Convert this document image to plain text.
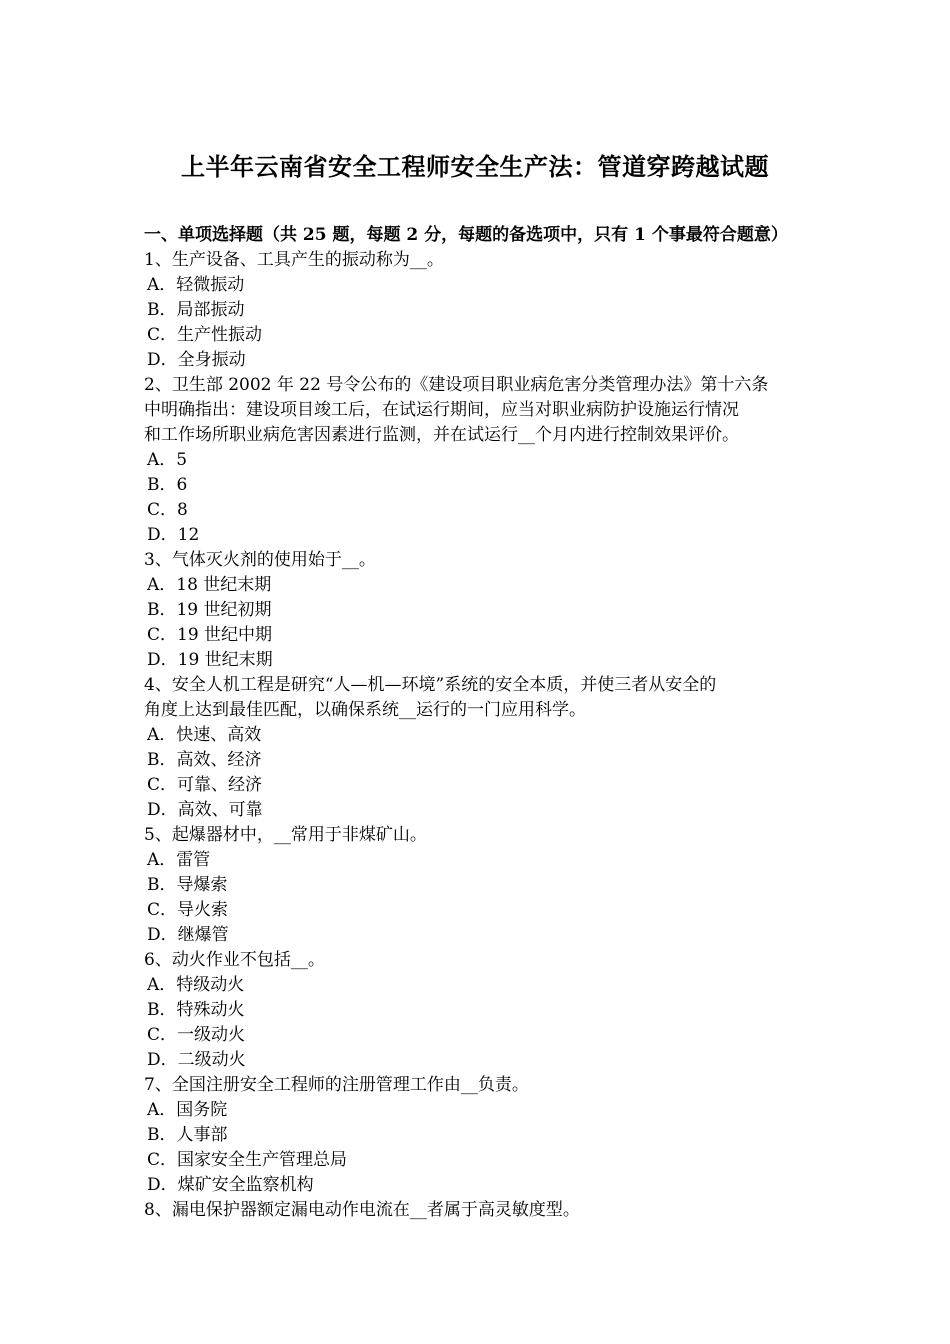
上半年云南省安全工程师安全生产法：管道穿跨越试题
一、单项选择题（共 25 题，每题 2 分，每题的备选项中，只有 1 个事最符合题意）
1、生产设备、工具产生的振动称为__。
A．轻微振动
B．局部振动
C．生产性振动
D．全身振动
2、卫生部 2002 年 22 号令公布的《建设项目职业病危害分类管理办法》第十六条
中明确指出：建设项目竣工后，在试运行期间，应当对职业病防护设施运行情况
和工作场所职业病危害因素进行监测，并在试运行__个月内进行控制效果评价。
A．5
B．6
C．8
D．12
3、气体灭火剂的使用始于__。
A．18 世纪末期
B．19 世纪初期
C．19 世纪中期
D．19 世纪末期
4、安全人机工程是研究“人—机—环境”系统的安全本质，并使三者从安全的
角度上达到最佳匹配，以确保系统__运行的一门应用科学。
A．快速、高效
B．高效、经济
C．可靠、经济
D．高效、可靠
5、起爆器材中，__常用于非煤矿山。
A．雷管
B．导爆索
C．导火索
D．继爆管
6、动火作业不包括__。
A．特级动火
B．特殊动火
C．一级动火
D．二级动火
7、全国注册安全工程师的注册管理工作由__负责。
A．国务院
B．人事部
C．国家安全生产管理总局
D．煤矿安全监察机构
8、漏电保护器额定漏电动作电流在__者属于高灵敏度型。
